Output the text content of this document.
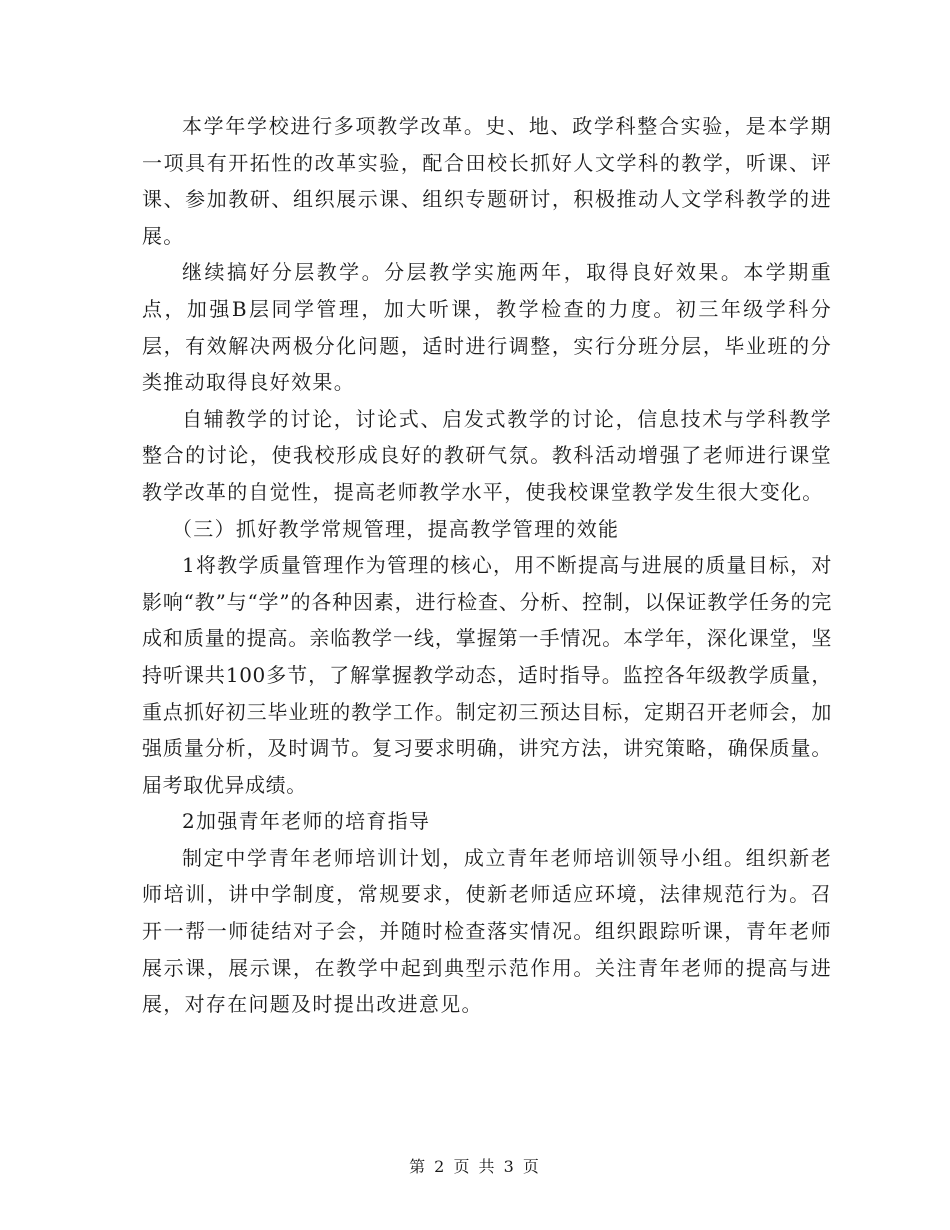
本学年学校进行多项教学改革。史、地、政学科整合实验，是本学期一项具有开拓性的改革实验，配合田校长抓好人文学科的教学，听课、评课、参加教研、组织展示课、组织专题研讨，积极推动人文学科教学的进展。

继续搞好分层教学。分层教学实施两年，取得良好效果。本学期重点，加强B层同学管理，加大听课，教学检查的力度。初三年级学科分层，有效解决两极分化问题，适时进行调整，实行分班分层，毕业班的分类推动取得良好效果。

自辅教学的讨论，讨论式、启发式教学的讨论，信息技术与学科教学整合的讨论，使我校形成良好的教研气氛。教科活动增强了老师进行课堂教学改革的自觉性，提高老师教学水平，使我校课堂教学发生很大变化。

（三）抓好教学常规管理，提高教学管理的效能

1将教学质量管理作为管理的核心，用不断提高与进展的质量目标，对影响“教”与“学”的各种因素，进行检查、分析、控制，以保证教学任务的完成和质量的提高。亲临教学一线，掌握第一手情况。本学年，深化课堂，坚持听课共100多节，了解掌握教学动态，适时指导。监控各年级教学质量，重点抓好初三毕业班的教学工作。制定初三预达目标，定期召开老师会，加强质量分析，及时调节。复习要求明确，讲究方法，讲究策略，确保质量。届考取优异成绩。

2加强青年老师的培育指导

制定中学青年老师培训计划，成立青年老师培训领导小组。组织新老师培训，讲中学制度，常规要求，使新老师适应环境，法律规范行为。召开一帮一师徒结对子会，并随时检查落实情况。组织跟踪听课，青年老师展示课，展示课，在教学中起到典型示范作用。关注青年老师的提高与进展，对存在问题及时提出改进意见。

第 2 页 共 3 页
